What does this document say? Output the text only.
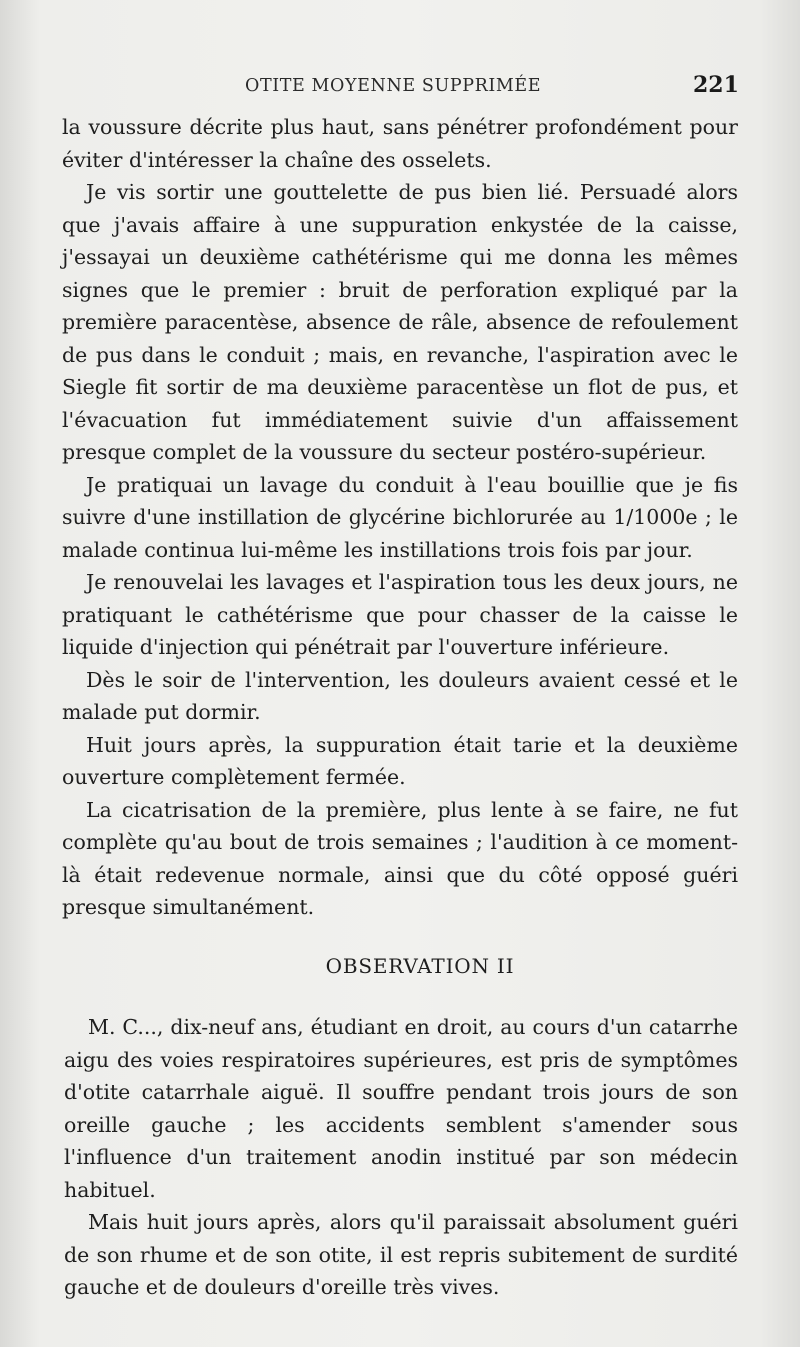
OTITE MOYENNE SUPPRIMÉE	221

la voussure décrite plus haut, sans pénétrer profondément pour éviter d'intéresser la chaîne des osselets.

Je vis sortir une gouttelette de pus bien lié. Persuadé alors que j'avais affaire à une suppuration enkystée de la caisse, j'essayai un deuxième cathétérisme qui me donna les mêmes signes que le premier : bruit de perforation expliqué par la première paracentèse, absence de râle, absence de refoulement de pus dans le conduit ; mais, en revanche, l'aspiration avec le Siegle fit sortir de ma deuxième paracentèse un flot de pus, et l'évacuation fut immédiatement suivie d'un affaissement presque complet de la voussure du secteur postéro-supérieur.

Je pratiquai un lavage du conduit à l'eau bouillie que je fis suivre d'une instillation de glycérine bichlorurée au 1/1000e ; le malade continua lui-même les instillations trois fois par jour.

Je renouvelai les lavages et l'aspiration tous les deux jours, ne pratiquant le cathétérisme que pour chasser de la caisse le liquide d'injection qui pénétrait par l'ouverture inférieure.

Dès le soir de l'intervention, les douleurs avaient cessé et le malade put dormir.

Huit jours après, la suppuration était tarie et la deuxième ouverture complètement fermée.

La cicatrisation de la première, plus lente à se faire, ne fut complète qu'au bout de trois semaines ; l'audition à ce moment-là était redevenue normale, ainsi que du côté opposé guéri presque simultanément.

OBSERVATION II

M. C..., dix-neuf ans, étudiant en droit, au cours d'un catarrhe aigu des voies respiratoires supérieures, est pris de symptômes d'otite catarrhale aiguë. Il souffre pendant trois jours de son oreille gauche ; les accidents semblent s'amender sous l'influence d'un traitement anodin institué par son médecin habituel.

Mais huit jours après, alors qu'il paraissait absolument guéri de son rhume et de son otite, il est repris subitement de surdité gauche et de douleurs d'oreille très vives.
